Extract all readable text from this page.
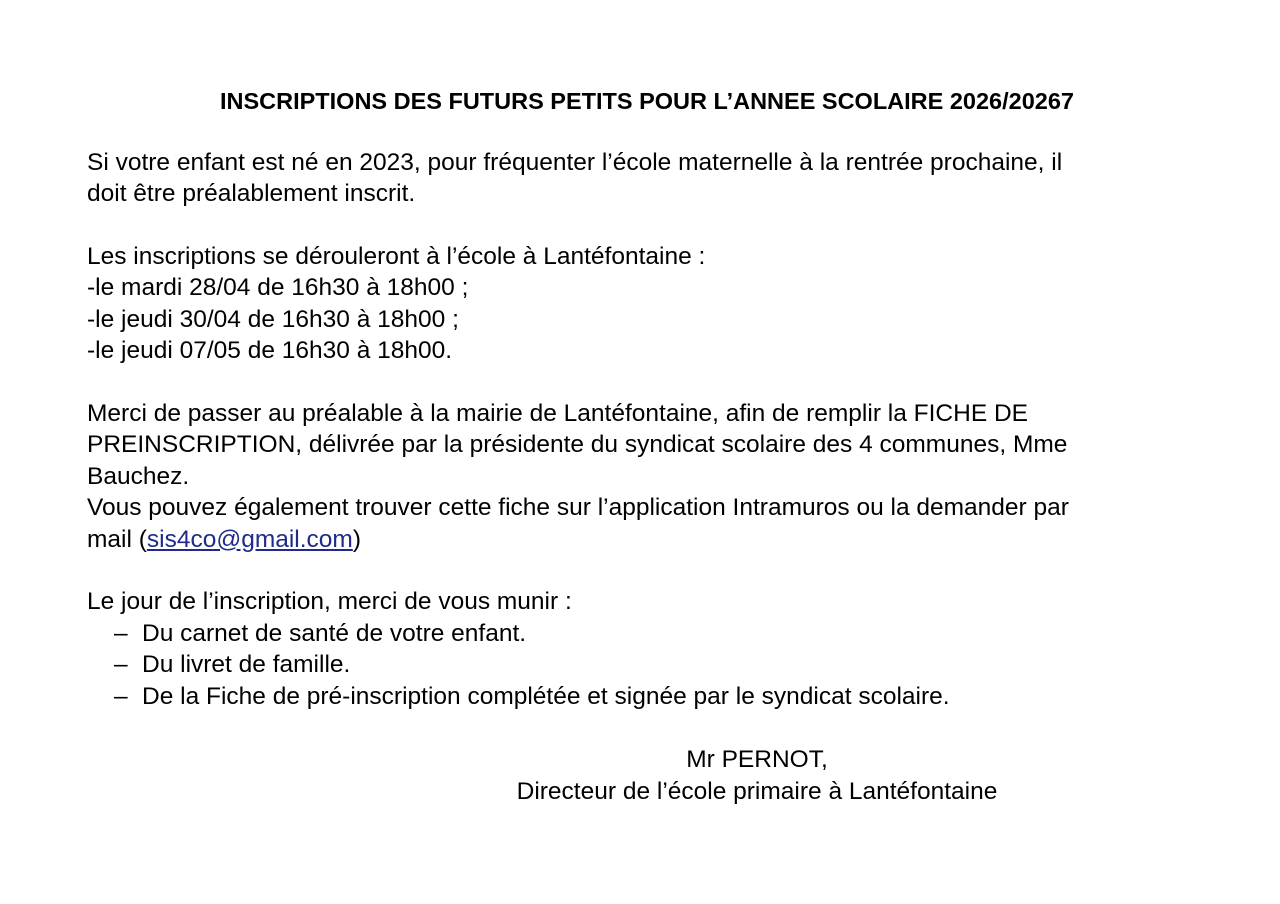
INSCRIPTIONS DES FUTURS PETITS POUR L’ANNEE SCOLAIRE 2026/20267

Si votre enfant est né en 2023, pour fréquenter l’école maternelle à la rentrée prochaine, il

doit être préalablement inscrit.

Les inscriptions se dérouleront à l’école à Lantéfontaine :

-le mardi 28/04 de 16h30 à 18h00 ;

-le jeudi 30/04 de 16h30 à 18h00 ;

-le jeudi 07/05 de 16h30 à 18h00.

Merci de passer au préalable à la mairie de Lantéfontaine, afin de remplir la FICHE DE

PREINSCRIPTION, délivrée par la présidente du syndicat scolaire des 4 communes, Mme

Bauchez.

Vous pouvez également trouver cette fiche sur l’application Intramuros ou la demander par

mail (sis4co@gmail.com)

Le jour de l’inscription, merci de vous munir :

– Du carnet de santé de votre enfant.
– Du livret de famille.
– De la Fiche de pré-inscription complétée et signée par le syndicat scolaire.

Mr PERNOT,

Directeur de l’école primaire à Lantéfontaine
